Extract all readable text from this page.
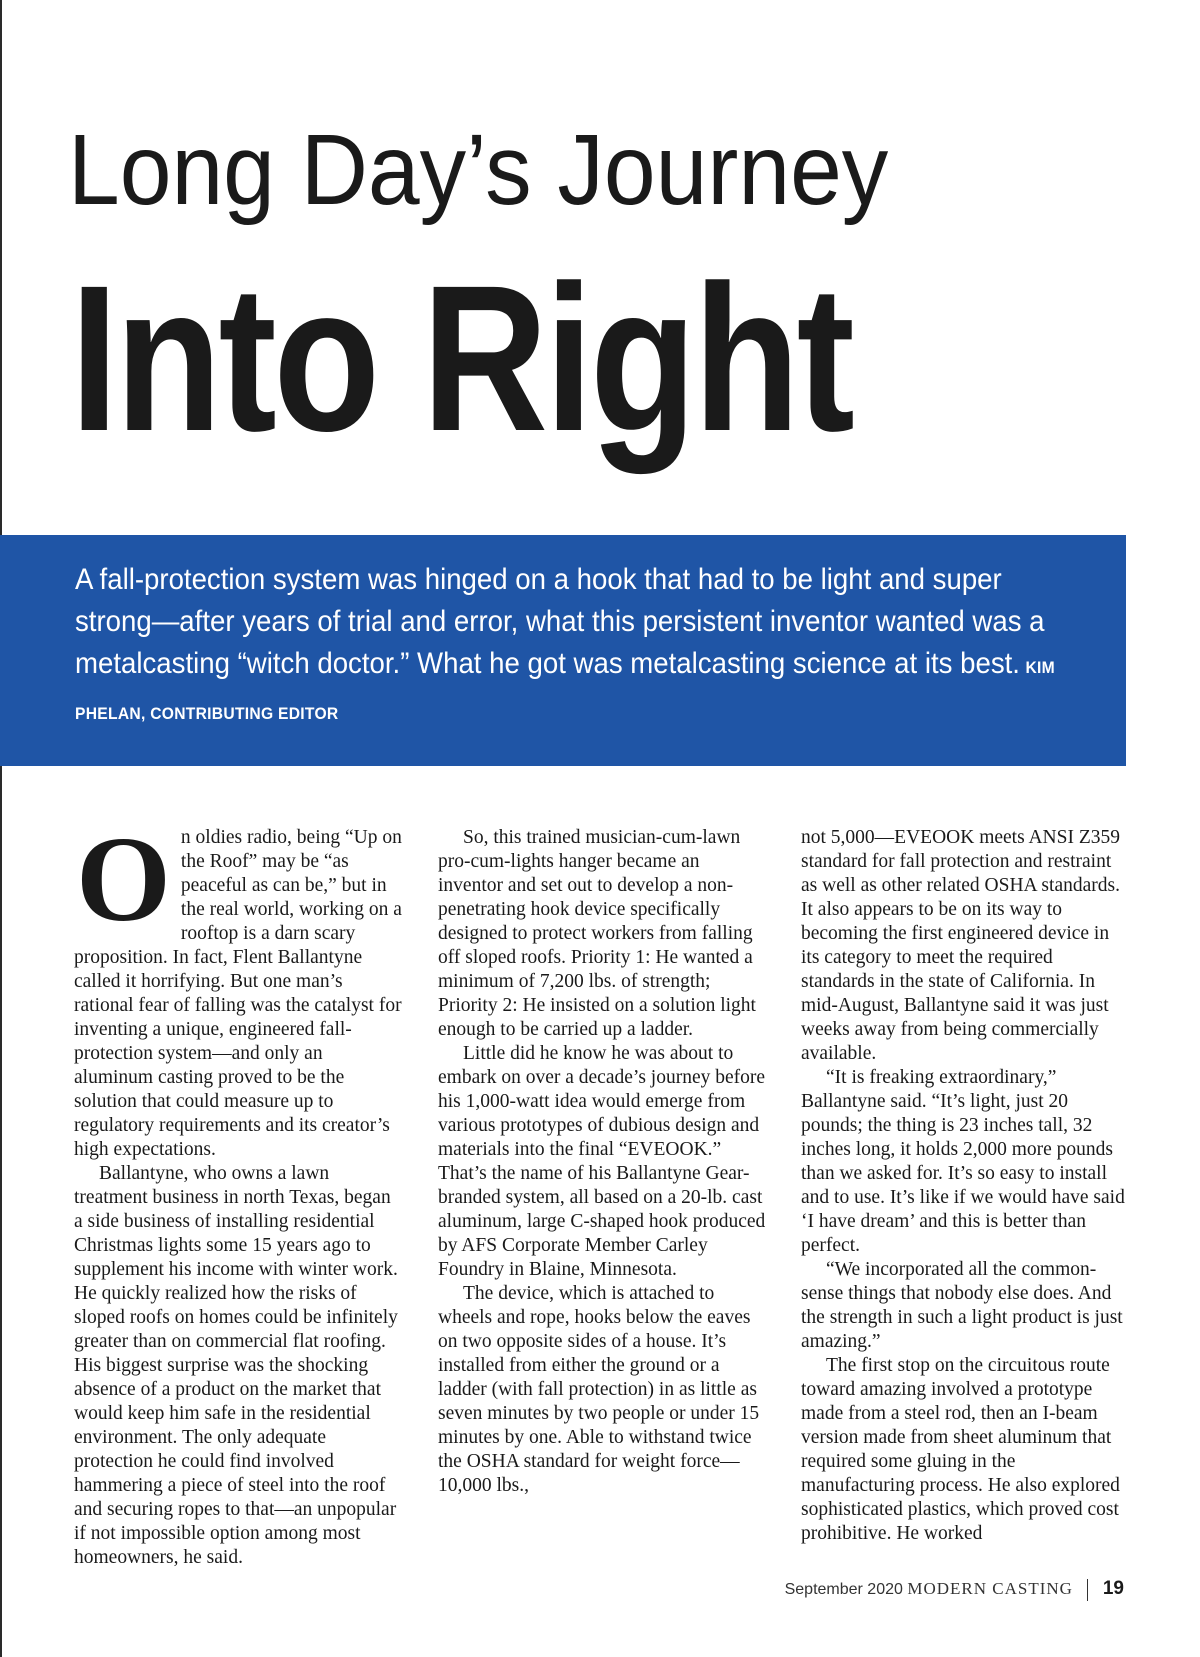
Long Day’s Journey
Into Right

A fall-protection system was hinged on a hook that had to be light and super strong—after years of trial and error, what this persistent inventor wanted was a metalcasting “witch doctor.” What he got was metalcasting science at its best. KIM PHELAN, CONTRIBUTING EDITOR

On oldies radio, being “Up on the Roof” may be “as peaceful as can be,” but in the real world, working on a rooftop is a darn scary proposition. In fact, Flent Ballantyne called it horrifying. But one man’s rational fear of falling was the catalyst for inventing a unique, engineered fall-protection system—and only an aluminum casting proved to be the solution that could measure up to regulatory requirements and its creator’s high expectations.

Ballantyne, who owns a lawn treatment business in north Texas, began a side business of installing residential Christmas lights some 15 years ago to supplement his income with winter work. He quickly realized how the risks of sloped roofs on homes could be infinitely greater than on commercial flat roofing. His biggest surprise was the shocking absence of a product on the market that would keep him safe in the residential environment. The only adequate protection he could find involved hammering a piece of steel into the roof and securing ropes to that—an unpopular if not impossible option among most homeowners, he said.

So, this trained musician-cum-lawn pro-cum-lights hanger became an inventor and set out to develop a non-penetrating hook device specifically designed to protect workers from falling off sloped roofs. Priority 1: He wanted a minimum of 7,200 lbs. of strength; Priority 2: He insisted on a solution light enough to be carried up a ladder.

Little did he know he was about to embark on over a decade’s journey before his 1,000-watt idea would emerge from various prototypes of dubious design and materials into the final “EVEOOK.” That’s the name of his Ballantyne Gear-branded system, all based on a 20-lb. cast aluminum, large C-shaped hook produced by AFS Corporate Member Carley Foundry in Blaine, Minnesota.

The device, which is attached to wheels and rope, hooks below the eaves on two opposite sides of a house. It’s installed from either the ground or a ladder (with fall protection) in as little as seven minutes by two people or under 15 minutes by one. Able to withstand twice the OSHA standard for weight force—10,000 lbs.,

not 5,000—EVEOOK meets ANSI Z359 standard for fall protection and restraint as well as other related OSHA standards. It also appears to be on its way to becoming the first engineered device in its category to meet the required standards in the state of California. In mid-August, Ballantyne said it was just weeks away from being commercially available.

“It is freaking extraordinary,” Ballantyne said. “It’s light, just 20 pounds; the thing is 23 inches tall, 32 inches long, it holds 2,000 more pounds than we asked for. It’s so easy to install and to use. It’s like if we would have said ‘I have dream’ and this is better than perfect.

“We incorporated all the common-sense things that nobody else does. And the strength in such a light product is just amazing.”

The first stop on the circuitous route toward amazing involved a prototype made from a steel rod, then an I-beam version made from sheet aluminum that required some gluing in the manufacturing process. He also explored sophisticated plastics, which proved cost prohibitive. He worked

September 2020 MODERN CASTING 19
